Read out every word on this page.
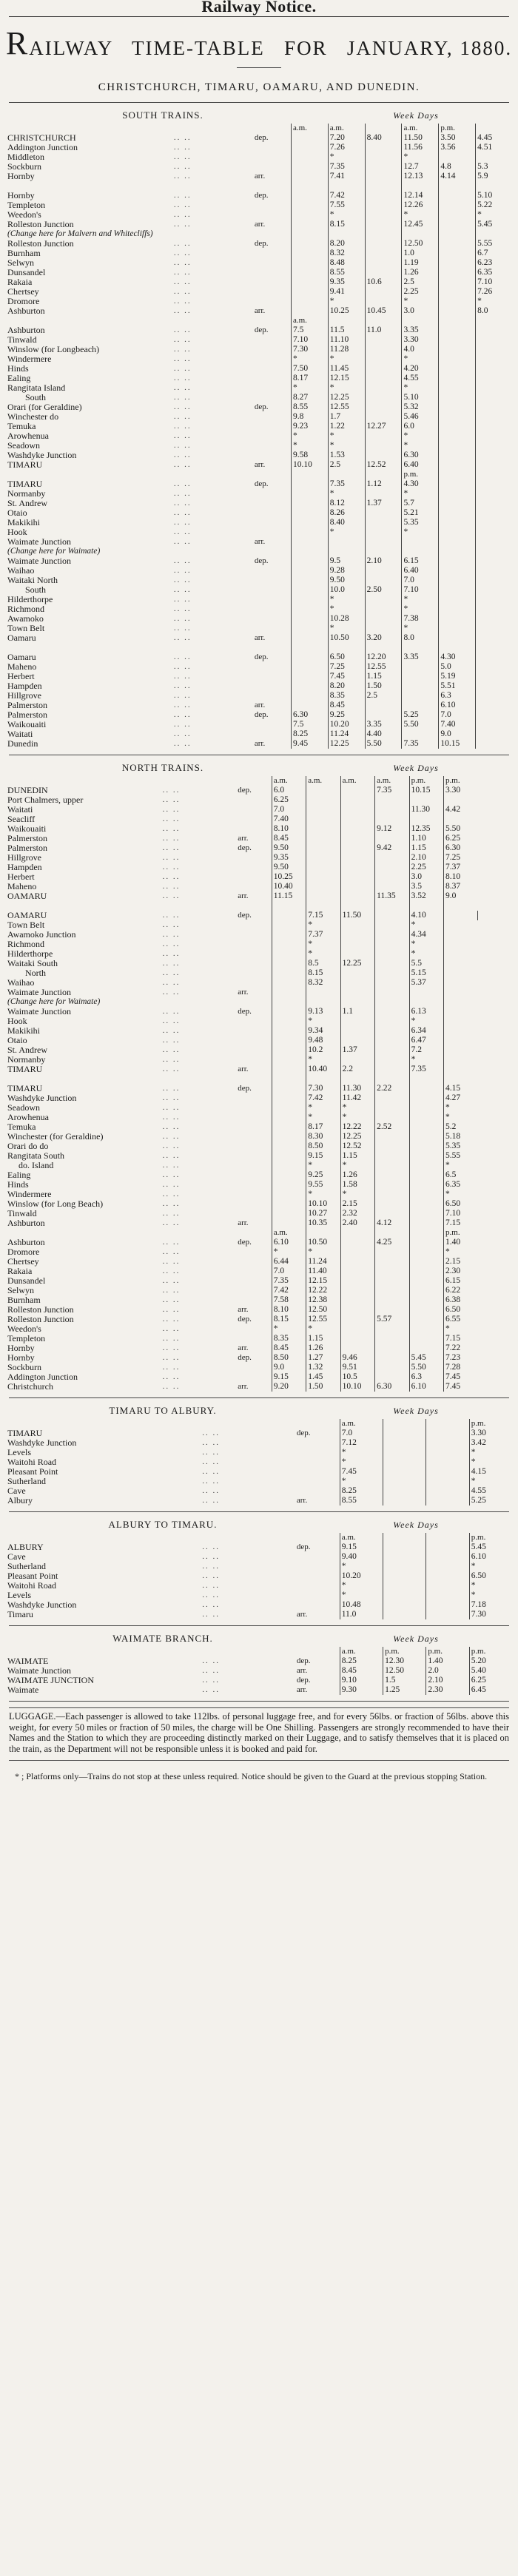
Railway Notice.
R AILWAY   TIME-TABLE   FOR   JANUARY, 1880.
CHRISTCHURCH, TIMARU, OAMARU, AND DUNEDIN.
SOUTH TRAINS.	Week Days
			a.m.	a.m.		a.m.	p.m.	
CHRISTCHURCH	.. ..	dep.		7.20	8.40	11.50	3.50	4.45
Addington Junction	.. ..			7.26		11.56	3.56	4.51
Middleton	.. ..			*		*		
Sockburn	.. ..			7.35		12.7	4.8	5.3
Hornby	.. ..	arr.		7.41		12.13	4.14	5.9

Hornby	.. ..	dep.		7.42		12.14		5.10
Templeton	.. ..			7.55		12.26		5.22
Weedon's	.. ..			*		*		*
Rolleston Junction	.. ..	arr.		8.15		12.45		5.45
(Change here for Malvern and Whitecliffs)								
Rolleston Junction	.. ..	dep.		8.20		12.50		5.55
Burnham	.. ..			8.32		1.0		6.7
Selwyn	.. ..			8.48		1.19		6.23
Dunsandel	.. ..			8.55		1.26		6.35
Rakaia	.. ..			9.35	10.6	2.5		7.10
Chertsey	.. ..			9.41		2.25		7.26
Dromore	.. ..			*		*		*
Ashburton	.. ..	arr.		10.25	10.45	3.0		8.0
			a.m.					
Ashburton	.. ..	dep.	7.5	11.5	11.0	3.35		
Tinwald	.. ..		7.10	11.10		3.30		
Winslow (for Longbeach)	.. ..		7.30	11.28		4.0		
Windermere	.. ..		*	*		*		
Hinds	.. ..		7.50	11.45		4.20		
Ealing	.. ..		8.17	12.15		4.55		
Rangitata Island	.. ..		*	*		*		
South	.. ..		8.27	12.25		5.10		
Orari (for Geraldine)	.. ..	dep.	8.55	12.55		5.32		
Winchester do	.. ..		9.8	1.7		5.46		
Temuka	.. ..		9.23	1.22	12.27	6.0		
Arowhenua	.. ..		*	*		*		
Seadown	.. ..		*	*		*		
Washdyke Junction	.. ..		9.58	1.53		6.30		
TIMARU	.. ..	arr.	10.10	2.5	12.52	6.40		
						p.m.		
TIMARU	.. ..	dep.		7.35	1.12	4.30		
Normanby	.. ..			*		*		
St. Andrew	.. ..			8.12	1.37	5.7		
Otaio	.. ..			8.26		5.21		
Makikihi	.. ..			8.40		5.35		
Hook	.. ..			*		*		
Waimate Junction	.. ..	arr.						
(Change here for Waimate)								
Waimate Junction	.. ..	dep.		9.5	2.10	6.15		
Waihao	.. ..			9.28		6.40		
Waitaki North	.. ..			9.50		7.0		
South	.. ..			10.0	2.50	7.10		
Hilderthorpe	.. ..			*		*		
Richmond	.. ..			*		*		
Awamoko	.. ..			10.28		7.38		
Town Belt	.. ..			*		*		
Oamaru	.. ..	arr.		10.50	3.20	8.0		

Oamaru	.. ..	dep.		6.50	12.20	3.35	4.30	
Maheno	.. ..			7.25	12.55		5.0	
Herbert	.. ..			7.45	1.15		5.19	
Hampden	.. ..			8.20	1.50		5.51	
Hillgrove	.. ..			8.35	2.5		6.3	
Palmerston	.. ..	arr.		8.45			6.10	
Palmerston	.. ..	dep.	6.30	9.25		5.25	7.0	
Waikouaiti	.. ..		7.5	10.20	3.35	5.50	7.40	
Waitati	.. ..		8.25	11.24	4.40		9.0	
Dunedin	.. ..	arr.	9.45	12.25	5.50	7.35	10.15	
NORTH TRAINS.	Week Days
			a.m.	a.m.	a.m.	a.m.	p.m.	p.m.	
DUNEDIN	.. ..	dep.	6.0			7.35	10.15	3.30	
Port Chalmers, upper	.. ..		6.25						
Waitati	.. ..		7.0				11.30	4.42	
Seacliff	.. ..		7.40						
Waikouaiti	.. ..		8.10			9.12	12.35	5.50	
Palmerston	.. ..	arr.	8.45				1.10	6.25	
Palmerston	.. ..	dep.	9.50			9.42	1.15	6.30	
Hillgrove	.. ..		9.35				2.10	7.25	
Hampden	.. ..		9.50				2.25	7.37	
Herbert	.. ..		10.25				3.0	8.10	
Maheno	.. ..		10.40				3.5	8.37	
OAMARU	.. ..	arr.	11.15			11.35	3.52	9.0	

OAMARU	.. ..	dep.		7.15	11.50		4.10		
Town Belt	.. ..			*			*		
Awamoko Junction	.. ..			7.37			4.34		
Richmond	.. ..			*			*		
Hilderthorpe	.. ..			*			*		
Waitaki South	.. ..			8.5	12.25		5.5		
North	.. ..			8.15			5.15		
Waihao	.. ..			8.32			5.37		
Waimate Junction	.. ..	arr.							
(Change here for Waimate)									
Waimate Junction	.. ..	dep.		9.13	1.1		6.13		
Hook	.. ..			*			*		
Makikihi	.. ..			9.34			6.34		
Otaio	.. ..			9.48			6.47		
St. Andrew	.. ..			10.2	1.37		7.2		
Normanby	.. ..			*			*		
TIMARU	.. ..	arr.		10.40	2.2		7.35		

TIMARU	.. ..	dep.		7.30	11.30	2.22		4.15	
Washdyke Junction	.. ..			7.42	11.42			4.27	
Seadown	.. ..			*	*			*	
Arowhenua	.. ..			*	*			*	
Temuka	.. ..			8.17	12.22	2.52		5.2	
Winchester (for Geraldine)	.. ..			8.30	12.25			5.18	
Orari do do	.. ..			8.50	12.52			5.35	
Rangitata South	.. ..			9.15	1.15			5.55	
do. Island	.. ..			*	*			*	
Ealing	.. ..			9.25	1.26			6.5	
Hinds	.. ..			9.55	1.58			6.35	
Windermere	.. ..			*	*			*	
Winslow (for Long Beach)	.. ..			10.10	2.15			6.50	
Tinwald	.. ..			10.27	2.32			7.10	
Ashburton	.. ..	arr.		10.35	2.40	4.12		7.15	
			a.m.					p.m.	
Ashburton	.. ..	dep.	6.10	10.50		4.25		1.40	
Dromore	.. ..		*	*				*	
Chertsey	.. ..		6.44	11.24				2.15	
Rakaia	.. ..		7.0	11.40				2.30	
Dunsandel	.. ..		7.35	12.15				6.15	
Selwyn	.. ..		7.42	12.22				6.22	
Burnham	.. ..		7.58	12.38				6.38	
Rolleston Junction	.. ..	arr.	8.10	12.50				6.50	
Rolleston Junction	.. ..	dep.	8.15	12.55		5.57		6.55	
Weedon's	.. ..		*	*				*	
Templeton	.. ..		8.35	1.15				7.15	
Hornby	.. ..	arr.	8.45	1.26				7.22	
Hornby	.. ..	dep.	8.50	1.27	9.46		5.45	7.23	
Sockburn	.. ..		9.0	1.32	9.51		5.50	7.28	
Addington Junction	.. ..		9.15	1.45	10.5		6.3	7.45	
Christchurch	.. ..	arr.	9.20	1.50	10.10	6.30	6.10	7.45	
TIMARU TO ALBURY.	Week Days
			a.m.			p.m.
TIMARU	.. ..	dep.	7.0			3.30
Washdyke Junction	.. ..		7.12			3.42
Levels	.. ..		*			*
Waitohi Road	.. ..		*			*
Pleasant Point	.. ..		7.45			4.15
Sutherland	.. ..		*			*
Cave	.. ..		8.25			4.55
Albury	.. ..	arr.	8.55			5.25
ALBURY TO TIMARU.	Week Days
			a.m.			p.m.
ALBURY	.. ..	dep.	9.15			5.45
Cave	.. ..		9.40			6.10
Sutherland	.. ..		*			*
Pleasant Point	.. ..		10.20			6.50
Waitohi Road	.. ..		*			*
Levels	.. ..		*			*
Washdyke Junction	.. ..		10.48			7.18
Timaru	.. ..	arr.	11.0			7.30
WAIMATE BRANCH.	Week Days
			a.m.	p.m.	p.m.	p.m.
WAIMATE	.. ..	dep.	8.25	12.30	1.40	5.20
Waimate Junction	.. ..	arr.	8.45	12.50	2.0	5.40
WAIMATE JUNCTION	.. ..	dep.	9.10	1.5	2.10	6.25
Waimate	.. ..	arr.	9.30	1.25	2.30	6.45
LUGGAGE.—Each passenger is allowed to take 112lbs. of personal luggage free, and for every 56lbs. or fraction of 56lbs. above this weight, for every 50 miles or fraction of 50 miles, the charge will be One Shilling. Passengers are strongly recommended to have their Names and the Station to which they are proceeding distinctly marked on their Luggage, and to satisfy themselves that it is placed on the train, as the Department will not be responsible unless it is booked and paid for.
* ; Platforms only—Trains do not stop at these unless required. Notice should be given to the Guard at the previous stopping Station.
